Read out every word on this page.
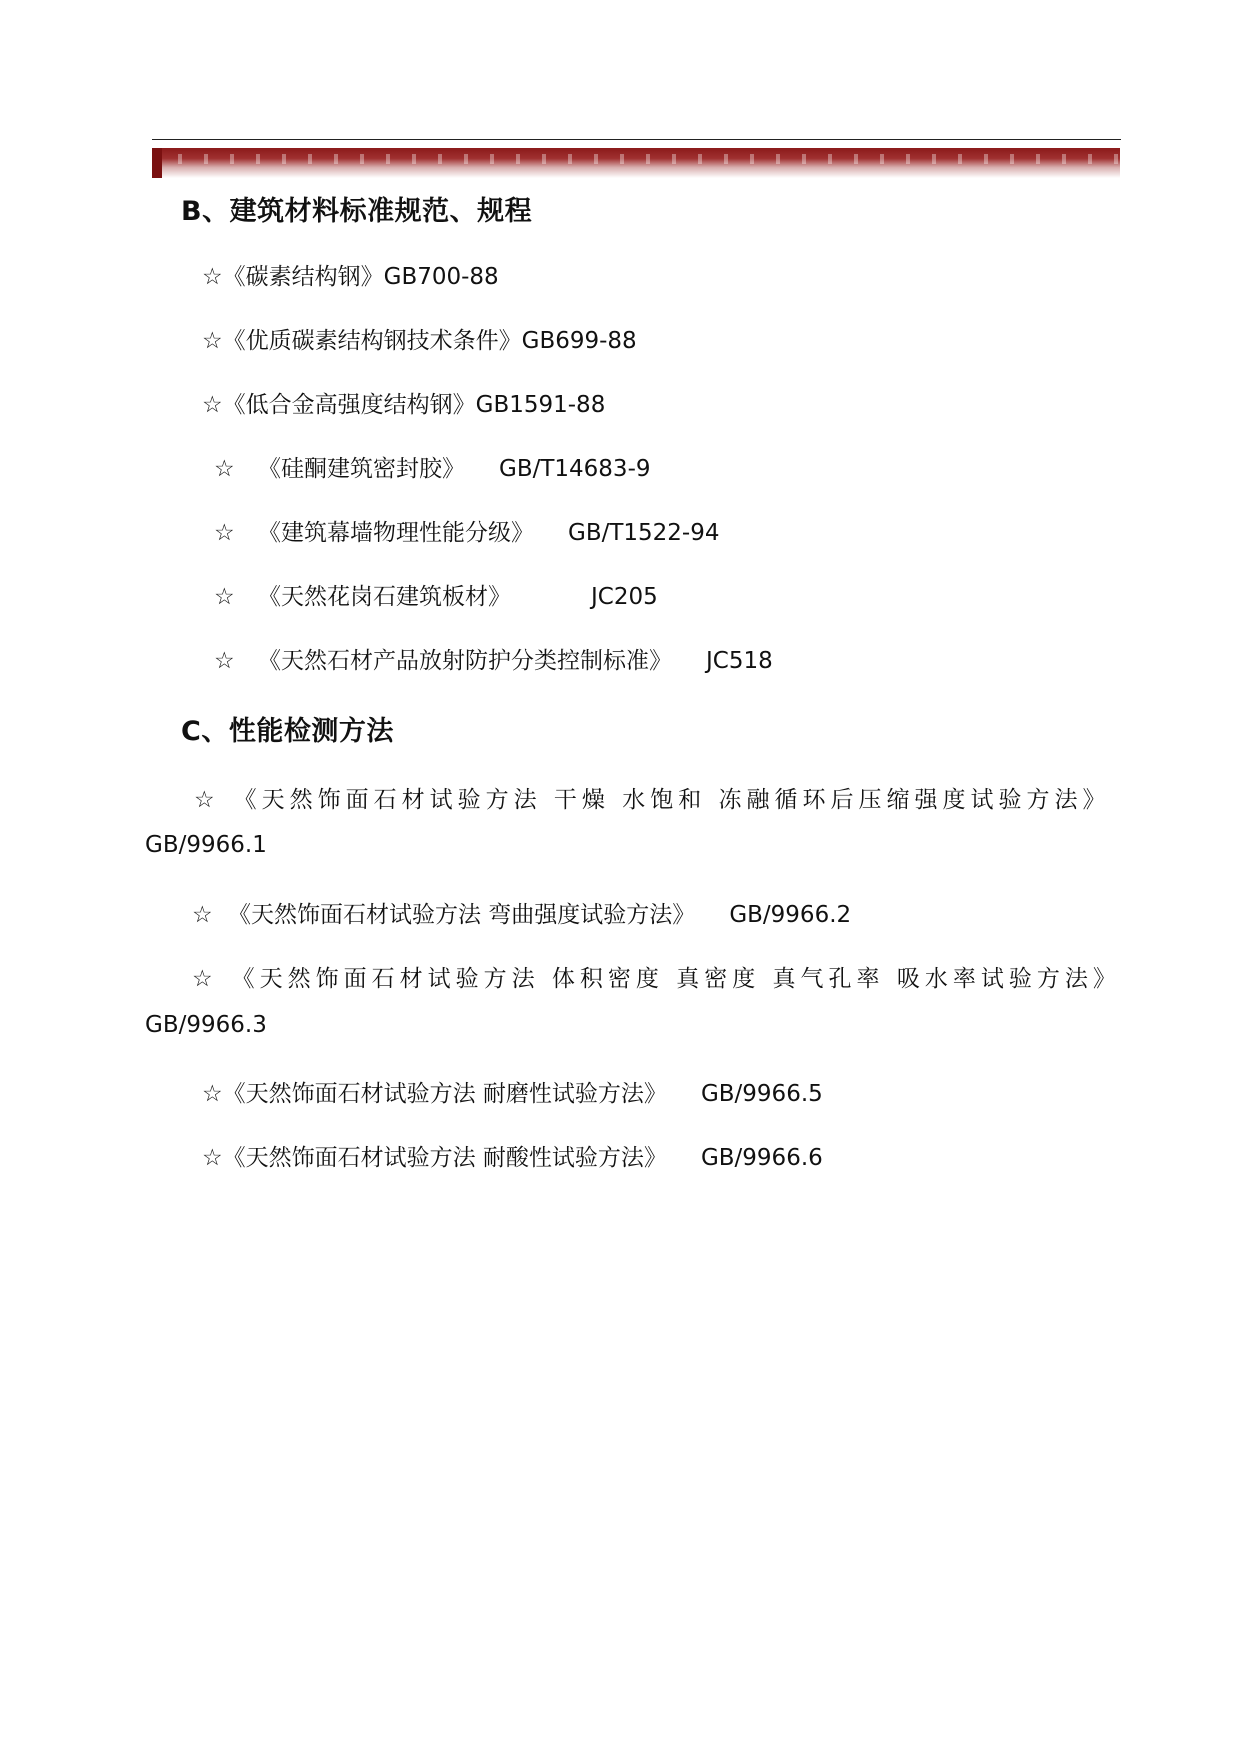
B、建筑材料标准规范、规程
☆《碳素结构钢》GB700-88
☆《优质碳素结构钢技术条件》GB699-88
☆《低合金高强度结构钢》GB1591-88
☆ 《硅酮建筑密封胶》 GB/T14683-9
☆ 《建筑幕墙物理性能分级》 GB/T1522-94
☆ 《天然花岗石建筑板材》	JC205
☆ 《天然石材产品放射防护分类控制标准》 JC518
C、性能检测方法
☆ 《天然饰面石材试验方法 干燥 水饱和 冻融循环后压缩强度试验方法》
GB/9966.1
☆ 《天然饰面石材试验方法 弯曲强度试验方法》 GB/9966.2
☆ 《天然饰面石材试验方法 体积密度 真密度 真气孔率 吸水率试验方法》
GB/9966.3
☆《天然饰面石材试验方法 耐磨性试验方法》 GB/9966.5
☆《天然饰面石材试验方法 耐酸性试验方法》 GB/9966.6
